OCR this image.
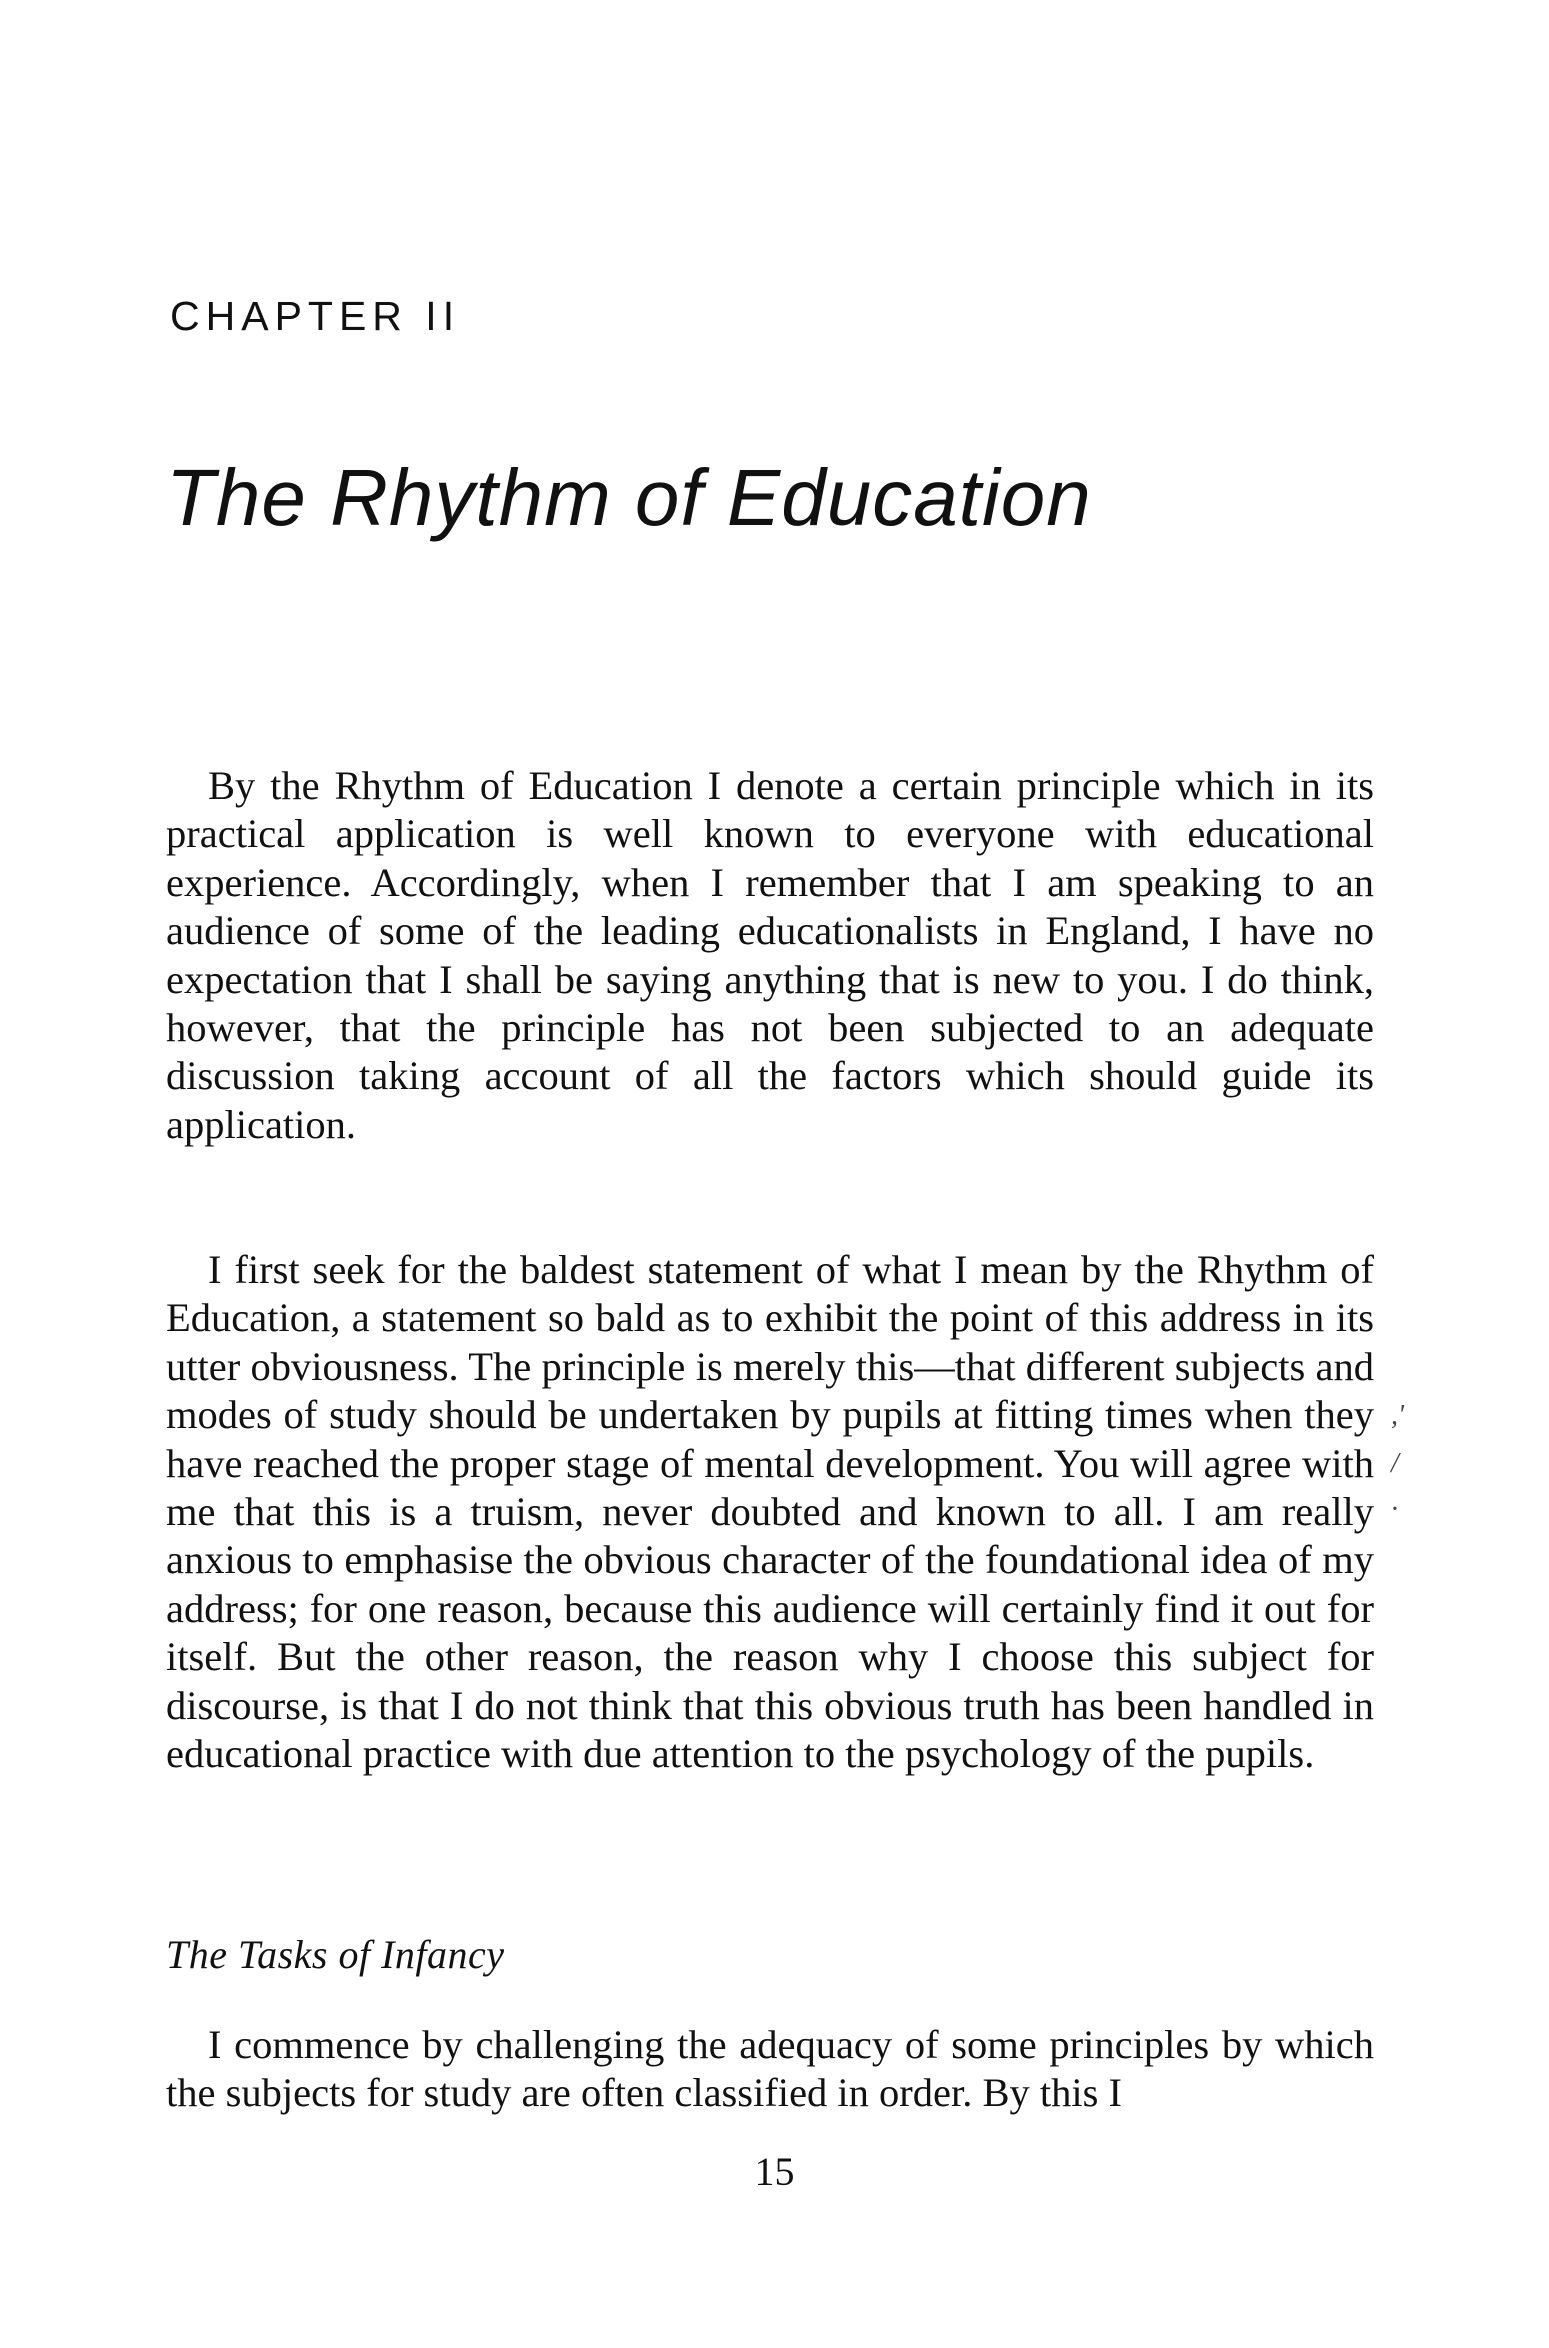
CHAPTER II
The Rhythm of Education

By the Rhythm of Education I denote a certain principle which in its practical application is well known to everyone with educational experience. Accordingly, when I remember that I am speaking to an audience of some of the leading educationalists in England, I have no expectation that I shall be saying anything that is new to you. I do think, however, that the principle has not been subjected to an adequate discussion taking account of all the factors which should guide its application.

I first seek for the baldest statement of what I mean by the Rhythm of Education, a statement so bald as to exhibit the point of this address in its utter obviousness. The principle is merely this—that different subjects and modes of study should be undertaken by pupils at fitting times when they have reached the proper stage of mental development. You will agree with me that this is a truism, never doubted and known to all. I am really anxious to emphasise the obvious character of the foundational idea of my address; for one reason, because this audience will certainly find it out for itself. But the other reason, the reason why I choose this subject for discourse, is that I do not think that this obvious truth has been handled in educational practice with due attention to the psychology of the pupils.

The Tasks of Infancy

I commence by challenging the adequacy of some principles by which the subjects for study are often classified in order. By this I

,'
/
·
15
